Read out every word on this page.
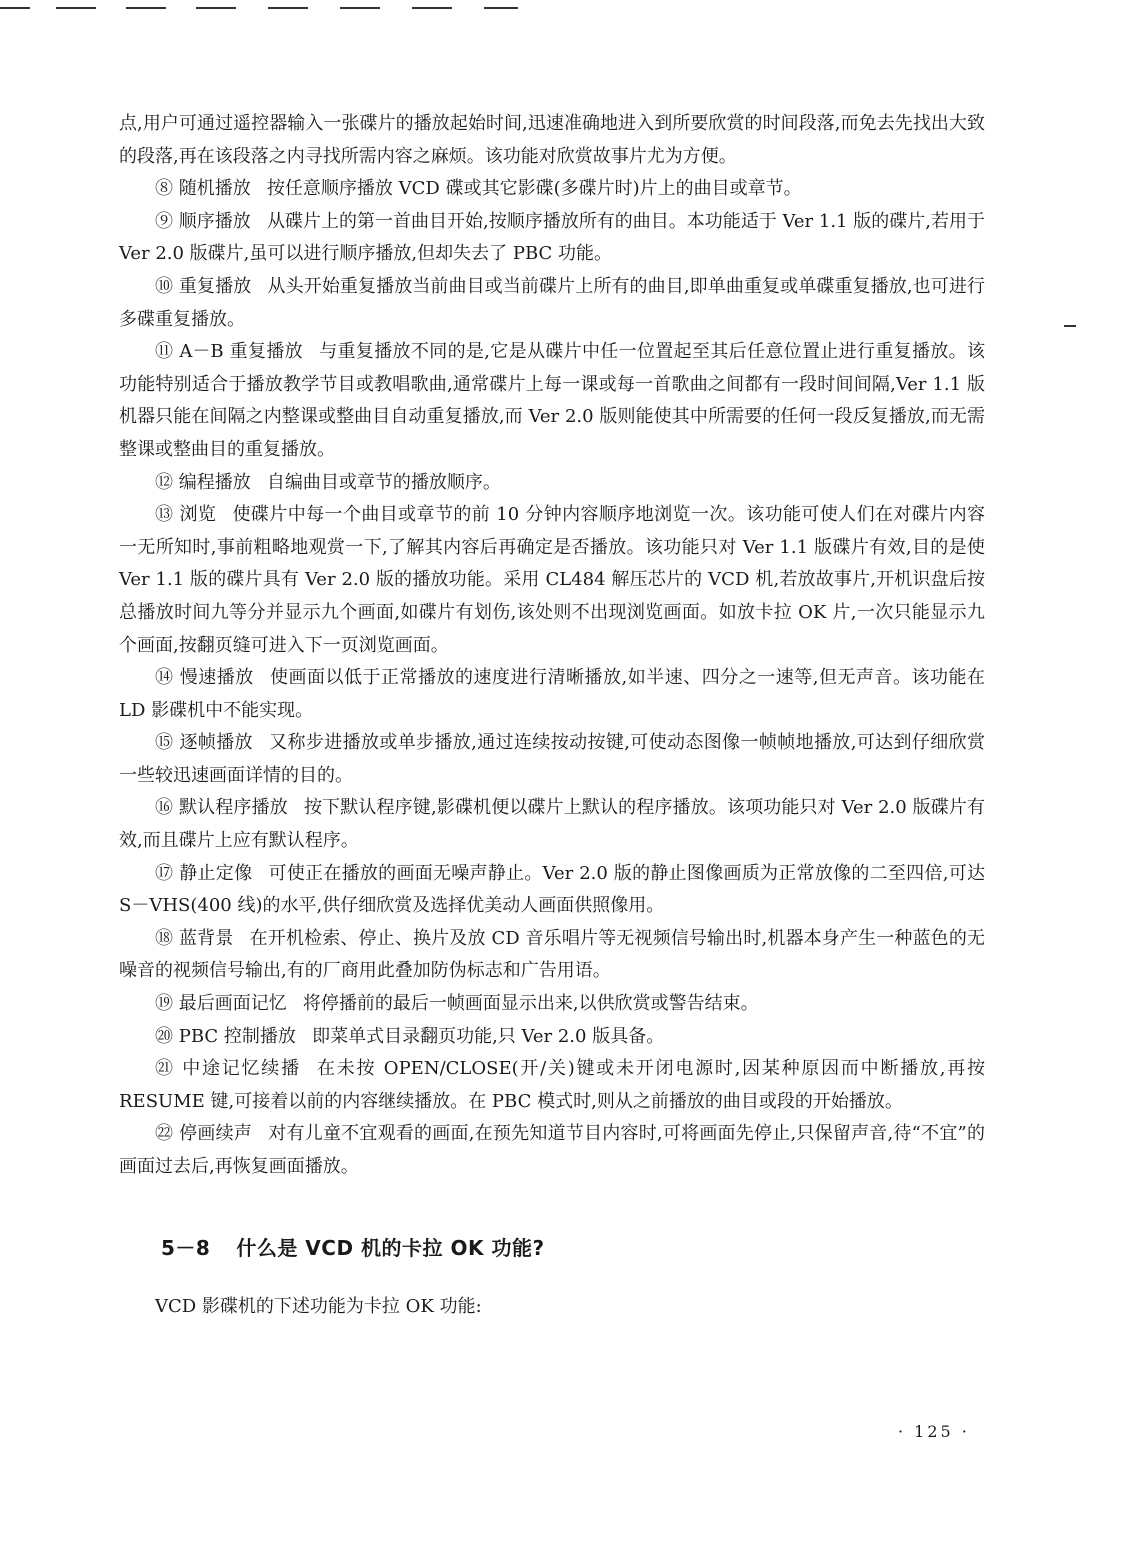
点,用户可通过遥控器输入一张碟片的播放起始时间,迅速准确地进入到所要欣赏的时间段落,而免去先找出大致的段落,再在该段落之内寻找所需内容之麻烦。该功能对欣赏故事片尤为方便。

⑧ 随机播放 按任意顺序播放 VCD 碟或其它影碟(多碟片时)片上的曲目或章节。

⑨ 顺序播放 从碟片上的第一首曲目开始,按顺序播放所有的曲目。本功能适于 Ver 1.1 版的碟片,若用于 Ver 2.0 版碟片,虽可以进行顺序播放,但却失去了 PBC 功能。

⑩ 重复播放 从头开始重复播放当前曲目或当前碟片上所有的曲目,即单曲重复或单碟重复播放,也可进行多碟重复播放。

⑪ A－B 重复播放 与重复播放不同的是,它是从碟片中任一位置起至其后任意位置止进行重复播放。该功能特别适合于播放教学节目或教唱歌曲,通常碟片上每一课或每一首歌曲之间都有一段时间间隔,Ver 1.1 版机器只能在间隔之内整课或整曲目自动重复播放,而 Ver 2.0 版则能使其中所需要的任何一段反复播放,而无需整课或整曲目的重复播放。

⑫ 编程播放 自编曲目或章节的播放顺序。

⑬ 浏览 使碟片中每一个曲目或章节的前 10 分钟内容顺序地浏览一次。该功能可使人们在对碟片内容一无所知时,事前粗略地观赏一下,了解其内容后再确定是否播放。该功能只对 Ver 1.1 版碟片有效,目的是使 Ver 1.1 版的碟片具有 Ver 2.0 版的播放功能。采用 CL484 解压芯片的 VCD 机,若放故事片,开机识盘后按总播放时间九等分并显示九个画面,如碟片有划伤,该处则不出现浏览画面。如放卡拉 OK 片,一次只能显示九个画面,按翻页缝可进入下一页浏览画面。

⑭ 慢速播放 使画面以低于正常播放的速度进行清晰播放,如半速、四分之一速等,但无声音。该功能在 LD 影碟机中不能实现。

⑮ 逐帧播放 又称步进播放或单步播放,通过连续按动按键,可使动态图像一帧帧地播放,可达到仔细欣赏一些较迅速画面详情的目的。

⑯ 默认程序播放 按下默认程序键,影碟机便以碟片上默认的程序播放。该项功能只对 Ver 2.0 版碟片有效,而且碟片上应有默认程序。

⑰ 静止定像 可使正在播放的画面无噪声静止。Ver 2.0 版的静止图像画质为正常放像的二至四倍,可达 S－VHS(400 线)的水平,供仔细欣赏及选择优美动人画面供照像用。

⑱ 蓝背景 在开机检索、停止、换片及放 CD 音乐唱片等无视频信号输出时,机器本身产生一种蓝色的无噪音的视频信号输出,有的厂商用此叠加防伪标志和广告用语。

⑲ 最后画面记忆 将停播前的最后一帧画面显示出来,以供欣赏或警告结束。

⑳ PBC 控制播放 即菜单式目录翻页功能,只 Ver 2.0 版具备。

㉑ 中途记忆续播 在未按 OPEN/CLOSE(开/关)键或未开闭电源时,因某种原因而中断播放,再按 RESUME 键,可接着以前的内容继续播放。在 PBC 模式时,则从之前播放的曲目或段的开始播放。

㉒ 停画续声 对有儿童不宜观看的画面,在预先知道节目内容时,可将画面先停止,只保留声音,待“不宜”的画面过去后,再恢复画面播放。

5－8 什么是 VCD 机的卡拉 OK 功能?

VCD 影碟机的下述功能为卡拉 OK 功能:

· 125 ·
